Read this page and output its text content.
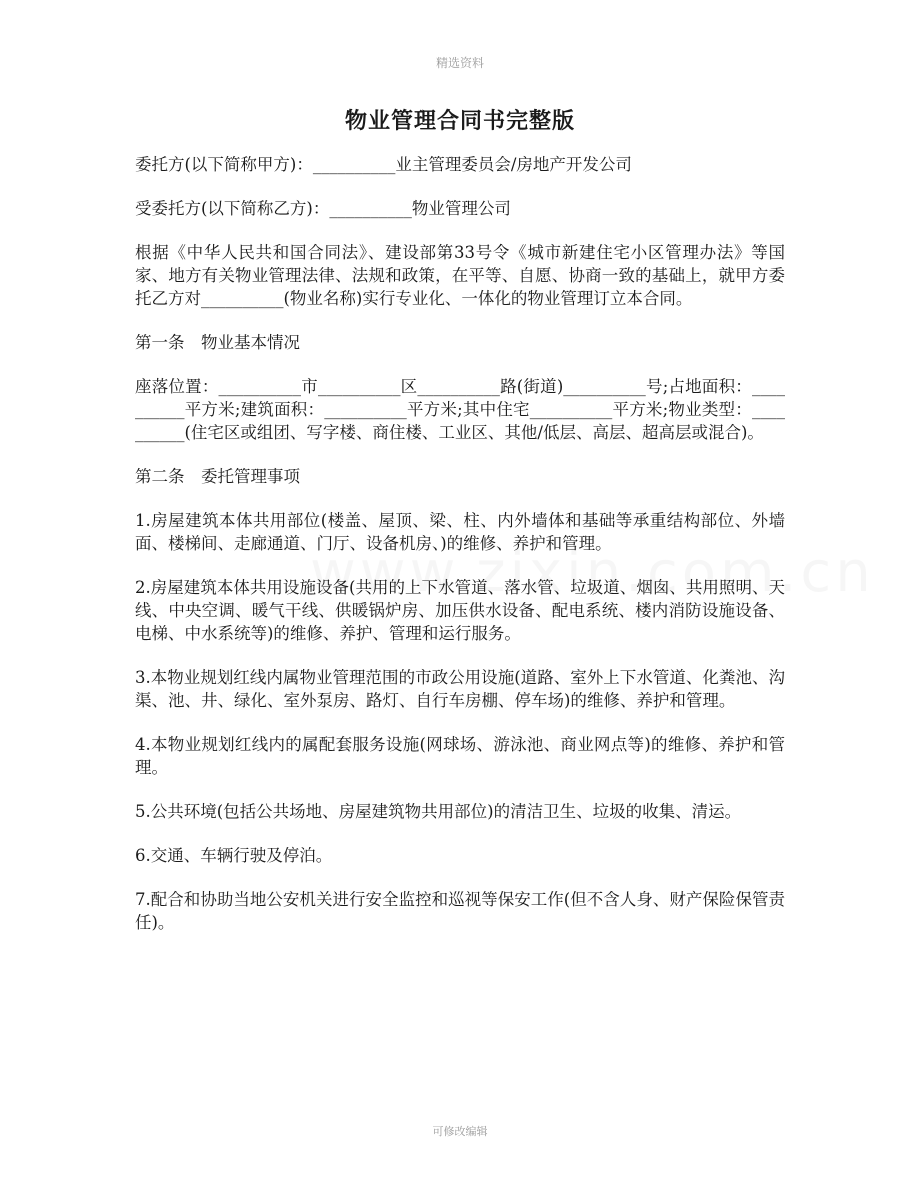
精选资料
物业管理合同书完整版

委托方(以下简称甲方)：__________业主管理委员会/房地产开发公司

受委托方(以下简称乙方)：__________物业管理公司

根据《中华人民共和国合同法》、建设部第33号令《城市新建住宅小区管理办法》等国家、地方有关物业管理法律、法规和政策，在平等、自愿、协商一致的基础上，就甲方委托乙方对__________(物业名称)实行专业化、一体化的物业管理订立本合同。

第一条　物业基本情况

座落位置：__________市__________区__________路(街道)__________号;占地面积：__________平方米;建筑面积：__________平方米;其中住宅__________平方米;物业类型：__________(住宅区或组团、写字楼、商住楼、工业区、其他/低层、高层、超高层或混合)。

第二条　委托管理事项

1.房屋建筑本体共用部位(楼盖、屋顶、梁、柱、内外墙体和基础等承重结构部位、外墙面、楼梯间、走廊通道、门厅、设备机房、)的维修、养护和管理。

2.房屋建筑本体共用设施设备(共用的上下水管道、落水管、垃圾道、烟囱、共用照明、天线、中央空调、暖气干线、供暖锅炉房、加压供水设备、配电系统、楼内消防设施设备、电梯、中水系统等)的维修、养护、管理和运行服务。

3.本物业规划红线内属物业管理范围的市政公用设施(道路、室外上下水管道、化粪池、沟渠、池、井、绿化、室外泵房、路灯、自行车房棚、停车场)的维修、养护和管理。

4.本物业规划红线内的属配套服务设施(网球场、游泳池、商业网点等)的维修、养护和管理。

5.公共环境(包括公共场地、房屋建筑物共用部位)的清洁卫生、垃圾的收集、清运。

6.交通、车辆行驶及停泊。

7.配合和协助当地公安机关进行安全监控和巡视等保安工作(但不含人身、财产保险保管责任)。

可修改编辑
